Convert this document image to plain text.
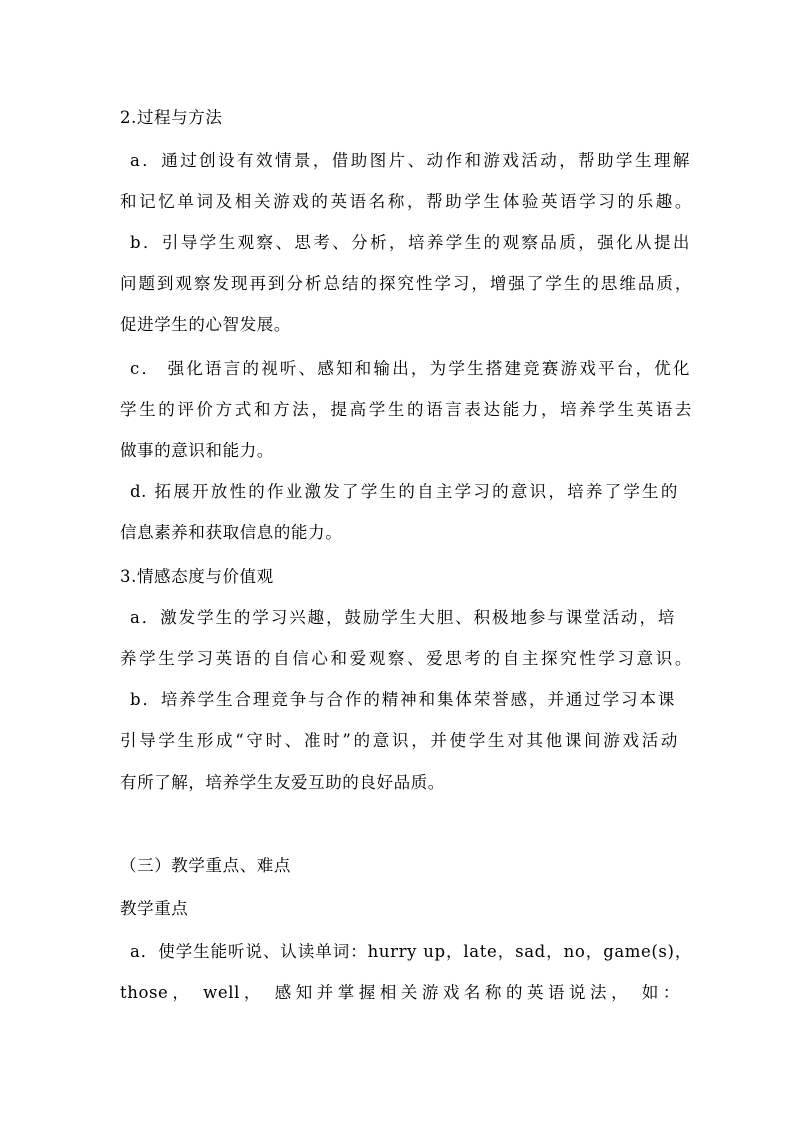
2.过程与方法
a．通过创设有效情景，借助图片、动作和游戏活动，帮助学生理解
和记忆单词及相关游戏的英语名称，帮助学生体验英语学习的乐趣。
b．引导学生观察、思考、分析，培养学生的观察品质，强化从提出
问题到观察发现再到分析总结的探究性学习，增强了学生的思维品质，
促进学生的心智发展。
c． 强化语言的视听、感知和输出，为学生搭建竞赛游戏平台，优化
学生的评价方式和方法，提高学生的语言表达能力，培养学生英语去
做事的意识和能力。
d. 拓展开放性的作业激发了学生的自主学习的意识，培养了学生的
信息素养和获取信息的能力。
3.情感态度与价值观
a．激发学生的学习兴趣，鼓励学生大胆、积极地参与课堂活动，培
养学生学习英语的自信心和爱观察、爱思考的自主探究性学习意识。
b．培养学生合理竞争与合作的精神和集体荣誉感，并通过学习本课
引导学生形成“守时、准时”的意识，并使学生对其他课间游戏活动
有所了解，培养学生友爱互助的良好品质。
（三）教学重点、难点
教学重点
a．使学生能听说、认读单词：hurry up，late，sad，no，game(s)，
those， well， 感知并掌握相关游戏名称的英语说法， 如：
